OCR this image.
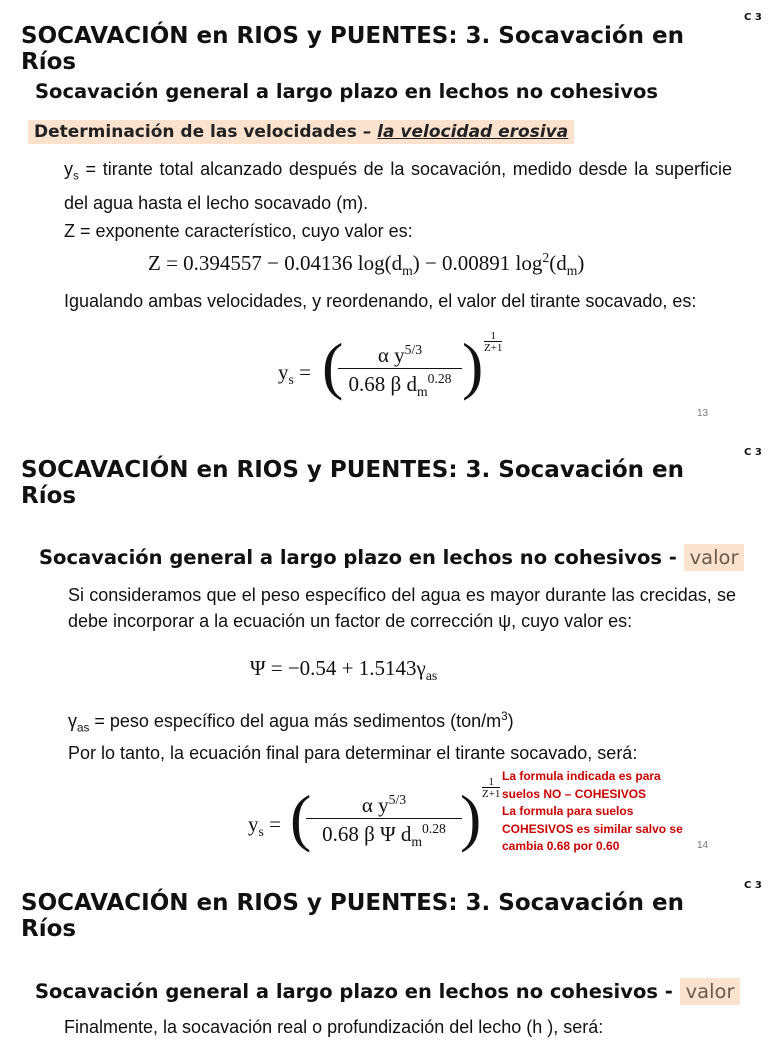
C 3
SOCAVACIÓN en RIOS y PUENTES: 3. Socavación en Ríos
Socavación general a largo plazo en lechos no cohesivos
Determinación de las velocidades – la velocidad erosiva
$y_s$ = tirante total alcanzado después de la socavación, medido desde la superficie del agua hasta el lecho socavado (m).
Z = exponente característico, cuyo valor es:
Z = 0.394557 − 0.04136 $\log(d_m) - 0.00891$ $\log^2(d_m)$
Igualando ambas velocidades, y reordenando, el valor del tirante socavado, es:
$y_s$ = (
$\frac{\alpha y^{5/3}}{0.68 \beta d_m^{0.28}}$ ) 1
Z+1
13
C 3
SOCAVACIÓN en RIOS y PUENTES: 3. Socavación en Ríos
Socavación general a largo plazo en lechos no cohesivos - valor
Si consideramos que el peso específico del agua es mayor durante las crecidas, se debe incorporar a la ecuación un factor de corrección ψ, cuyo valor es:
$\Psi = -0.54 + 1.5143\gamma_{as}$
$\gamma_{as}$ = peso específico del agua más sedimentos $(ton/m^3)$
Por lo tanto, la ecuación final para determinar el tirante socavado, será:
$y_s$ = (
$\frac{\alpha y^{5/3}}{0.68 \beta \Psi d_m^{0.28}}$
) 1
Z+1
La formula indicada es para
suelos NO – COHESIVOS
La formula para suelos
COHESIVOS es similar salvo se
cambia 0.68 por 0.60	14
C 3
SOCAVACIÓN en RIOS y PUENTES: 3. Socavación en Ríos
Socavación general a largo plazo en lechos no cohesivos - valor
Finalmente, la socavación real o profundización del lecho (h ), será:
